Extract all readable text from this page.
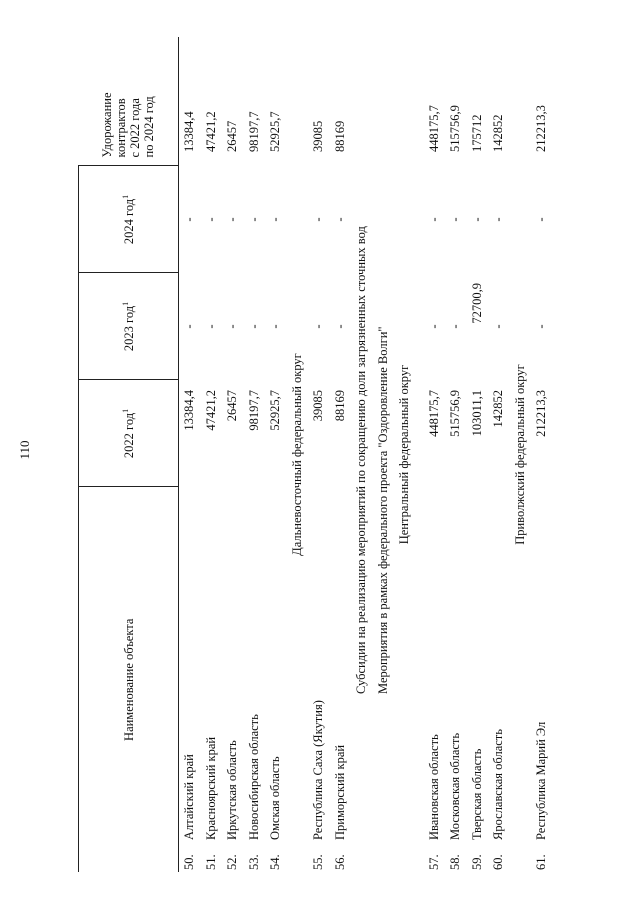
110
Наименование объекта	2022 год$^1$	2023 год$^1$	2024 год$^1$	Удорожание
контрактов
с 2022 года
по 2024 год
50.Алтайский край	13384,4	-	-	13384,4
51.Красноярский край	47421,2	-	-	47421,2
52.Иркутская область	26457	-	-	26457
53.Новосибирская область	98197,7	-	-	98197,7
54.Омская область	52925,7	-	-	52925,7
Дальневосточный федеральный округ				
55.Республика Саха (Якутия)	39085	-	-	39085
56.Приморский край	88169	-	-	88169
Субсидии на реализацию мероприятий по сокращению доли загрязненных сточных вод				
Мероприятия в рамках федерального проекта "Оздоровление Волги"				
Центральный федеральный округ				

57.Ивановская область	448175,7	-	-	448175,7
58.Московская область	515756,9	-	-	515756,9
59.Тверская область	103011,1	72700,9	-	175712
60.Ярославская область	142852	-	-	142852
Приволжский федеральный округ				
61.Республика Марий Эл	212213,3	-	-	212213,3
